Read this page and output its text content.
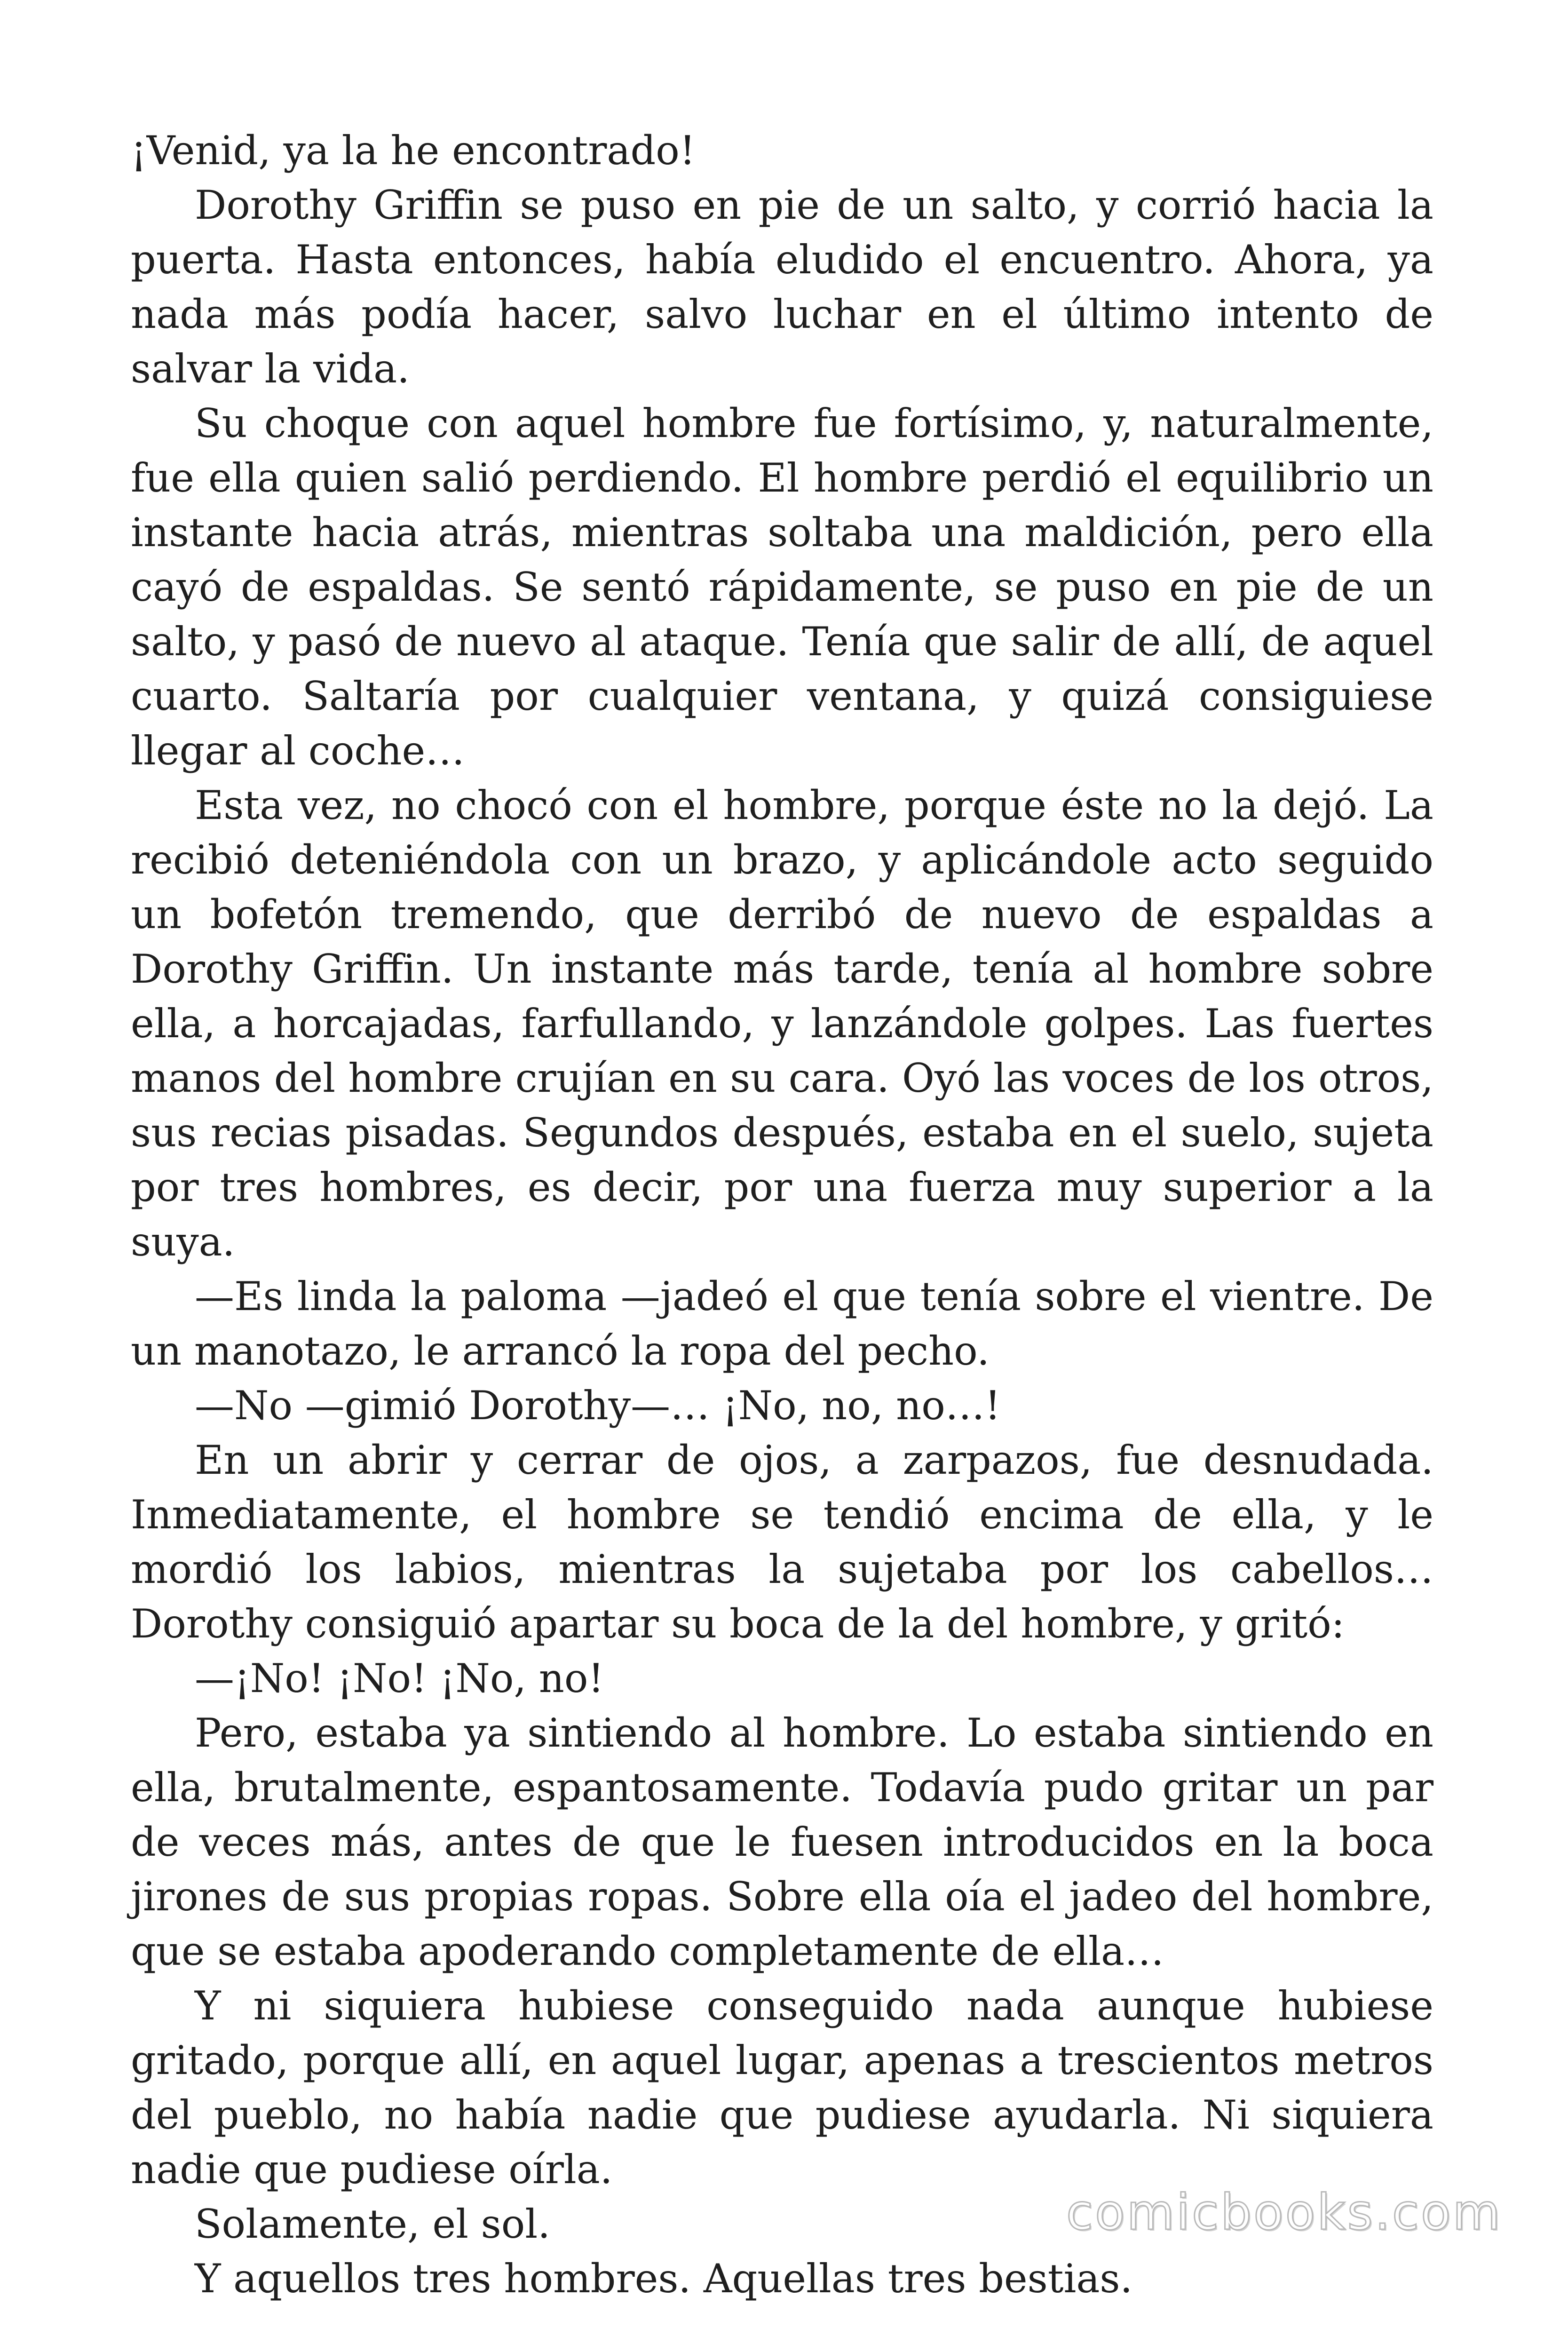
¡Venid, ya la he encontrado!

Dorothy Griffin se puso en pie de un salto, y corrió hacia la puerta. Hasta entonces, había eludido el encuentro. Ahora, ya nada más podía hacer, salvo luchar en el último intento de salvar la vida.

Su choque con aquel hombre fue fortísimo, y, naturalmente, fue ella quien salió perdiendo. El hombre perdió el equilibrio un instante hacia atrás, mientras soltaba una maldición, pero ella cayó de espaldas. Se sentó rápidamente, se puso en pie de un salto, y pasó de nuevo al ataque. Tenía que salir de allí, de aquel cuarto. Saltaría por cualquier ventana, y quizá consiguiese llegar al coche…

Esta vez, no chocó con el hombre, porque éste no la dejó. La recibió deteniéndola con un brazo, y aplicándole acto seguido un bofetón tremendo, que derribó de nuevo de espaldas a Dorothy Griffin. Un instante más tarde, tenía al hombre sobre ella, a horcajadas, farfullando, y lanzándole golpes. Las fuertes manos del hombre crujían en su cara. Oyó las voces de los otros, sus recias pisadas. Segundos después, estaba en el suelo, sujeta por tres hombres, es decir, por una fuerza muy superior a la suya.

—Es linda la paloma —jadeó el que tenía sobre el vientre. De un manotazo, le arrancó la ropa del pecho.

—No —gimió Dorothy—… ¡No, no, no…!

En un abrir y cerrar de ojos, a zarpazos, fue desnudada. Inmediatamente, el hombre se tendió encima de ella, y le mordió los labios, mientras la sujetaba por los cabellos… Dorothy consiguió apartar su boca de la del hombre, y gritó:

—¡No! ¡No! ¡No, no!

Pero, estaba ya sintiendo al hombre. Lo estaba sintiendo en ella, brutalmente, espantosamente. Todavía pudo gritar un par de veces más, antes de que le fuesen introducidos en la boca jirones de sus propias ropas. Sobre ella oía el jadeo del hombre, que se estaba apoderando completamente de ella…

Y ni siquiera hubiese conseguido nada aunque hubiese gritado, porque allí, en aquel lugar, apenas a trescientos metros del pueblo, no había nadie que pudiese ayudarla. Ni siquiera nadie que pudiese oírla.

Solamente, el sol.

Y aquellos tres hombres. Aquellas tres bestias.

comicbooks.com
